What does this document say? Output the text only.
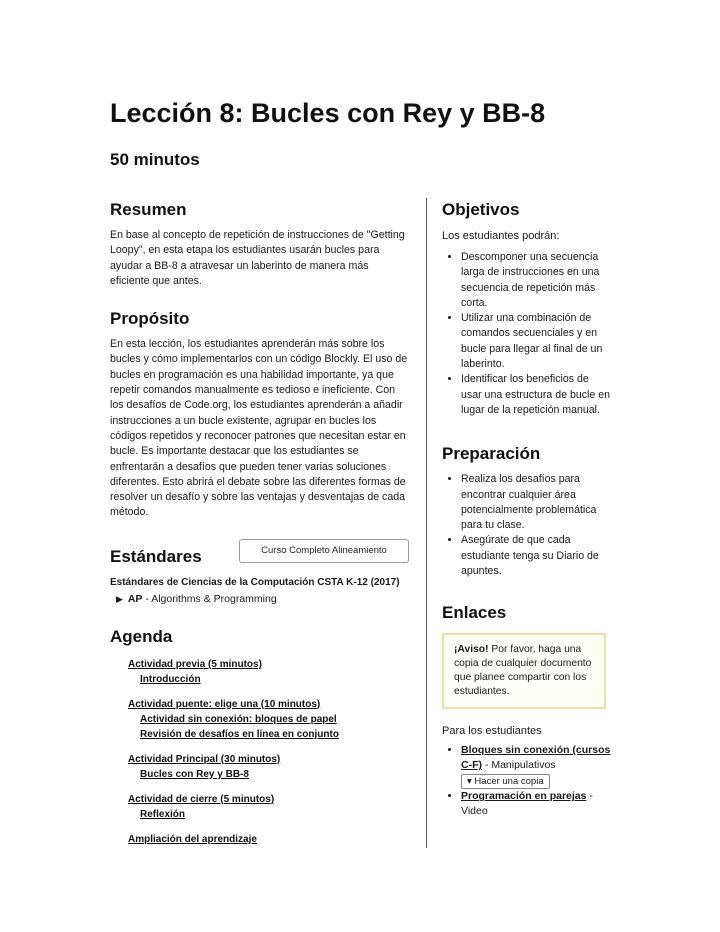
Lección 8: Bucles con Rey y BB-8
50 minutos
Resumen

En base al concepto de repetición de instrucciones de "Getting Loopy", en esta etapa los estudiantes usarán bucles para ayudar a BB-8 a atravesar un laberinto de manera más eficiente que antes.

Propósito

En esta lección, los estudiantes aprenderán más sobre los bucles y cómo implementarlos con un código Blockly. El uso de bucles en programación es una habilidad importante, ya que repetir comandos manualmente es tedioso e ineficiente. Con los desafíos de Code.org, los estudiantes aprenderán a añadir instrucciones a un bucle existente, agrupar en bucles los códigos repetidos y reconocer patrones que necesitan estar en bucle. Es importante destacar que los estudiantes se enfrentarán a desafíos que pueden tener varias soluciones diferentes. Esto abrirá el debate sobre las diferentes formas de resolver un desafío y sobre las ventajas y desventajas de cada método.

Estándares	Curso Completo Alineamiento
Estándares de Ciencias de la Computación CSTA K-12 (2017)
▶ AP - Algorithms & Programming
Agenda
Actividad previa (5 minutos)
Introducción
Actividad puente: elige una (10 minutos)
Actividad sin conexión: bloques de papel
Revisión de desafíos en línea en conjunto
Actividad Principal (30 minutos)
Bucles con Rey y BB-8
Actividad de cierre (5 minutos)
Reflexión
Ampliación del aprendizaje
Objetivos

Los estudiantes podrán:

• Descomponer una secuencia larga de instrucciones en una secuencia de repetición más corta.
• Utilizar una combinación de comandos secuenciales y en bucle para llegar al final de un laberinto.
• Identificar los beneficios de usar una estructura de bucle en lugar de la repetición manual.
Preparación
• Realiza los desafíos para encontrar cualquier área potencialmente problemática para tu clase.
• Asegúrate de que cada estudiante tenga su Diario de apuntes.
Enlaces
¡Aviso! Por favor, haga una copia de cualquier documento que planee compartir con los estudiantes.
Para los estudiantes
• Bloques sin conexión (cursos C-F) - Manipulativos
▾ Hacer una copia
• Programación en parejas - Video
